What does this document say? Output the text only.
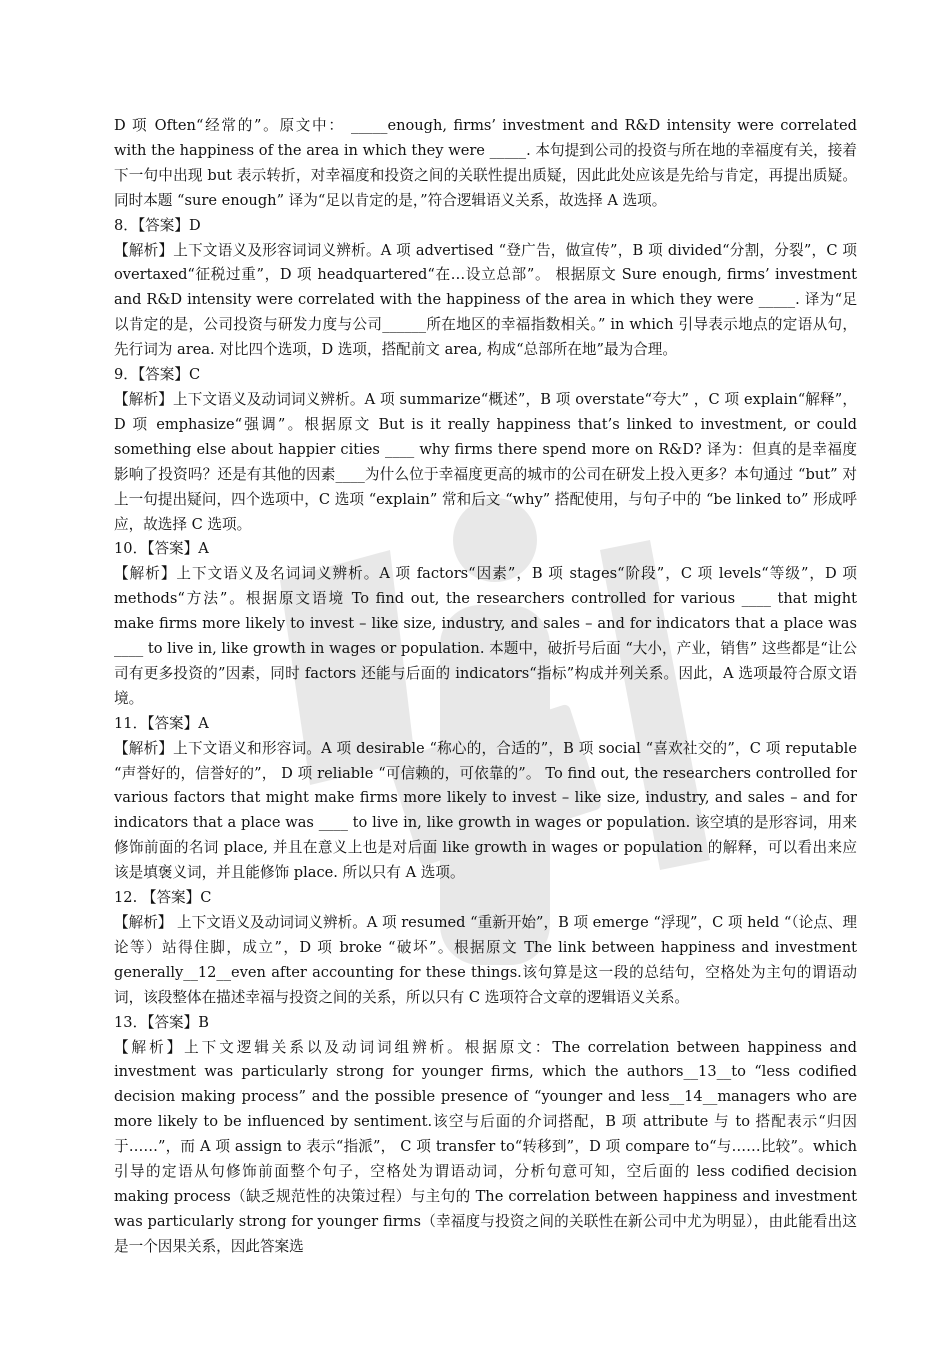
D 项 Often“经常的”。原文中： _____enough, firms’ investment and R&D intensity were correlated with the happiness of the area in which they were _____. 本句提到公司的投资与所在地的幸福度有关，接着下一句中出现 but 表示转折，对幸福度和投资之间的关联性提出质疑，因此此处应该是先给与肯定，再提出质疑。同时本题 “sure enough” 译为“足以肯定的是，”符合逻辑语义关系，故选择 A 选项。

8．【答案】D

【解析】上下文语义及形容词词义辨析。A 项 advertised “登广告，做宣传”，B 项 divided“分割，分裂”，C 项 overtaxed“征税过重”，D 项 headquartered“在…设立总部”。 根据原文 Sure enough, firms’ investment and R&D intensity were correlated with the happiness of the area in which they were _____. 译为“足以肯定的是，公司投资与研发力度与公司______所在地区的幸福指数相关。” in which 引导表示地点的定语从句，先行词为 area. 对比四个选项，D 选项，搭配前文 area, 构成“总部所在地”最为合理。

9．【答案】C

【解析】上下文语义及动词词义辨析。A 项 summarize“概述”，B 项 overstate“夸大” ，C 项 explain“解释”， D 项 emphasize“强调”。根据原文 But is it really happiness that’s linked to investment, or could something else about happier cities ____ why firms there spend more on R&D? 译为：但真的是幸福度影响了投资吗？还是有其他的因素____为什么位于幸福度更高的城市的公司在研发上投入更多？本句通过 “but” 对上一句提出疑问，四个选项中，C 选项 “explain” 常和后文 “why” 搭配使用，与句子中的 “be linked to” 形成呼应，故选择 C 选项。

10．【答案】A

【解析】上下文语义及名词词义辨析。A 项 factors“因素”，B 项 stages“阶段”，C 项 levels“等级”，D 项 methods“方法”。根据原文语境 To find out, the researchers controlled for various ____ that might make firms more likely to invest – like size, industry, and sales – and for indicators that a place was ____ to live in, like growth in wages or population. 本题中，破折号后面 “大小，产业，销售” 这些都是“让公司有更多投资的”因素，同时 factors 还能与后面的 indicators“指标”构成并列关系。因此，A 选项最符合原文语境。

11．【答案】A

【解析】上下文语义和形容词。A 项 desirable “称心的，合适的”，B 项 social “喜欢社交的”，C 项 reputable “声誉好的，信誉好的”， D 项 reliable “可信赖的，可依靠的”。 To find out, the researchers controlled for various factors that might make firms more likely to invest – like size, industry, and sales – and for indicators that a place was ____ to live in, like growth in wages or population. 该空填的是形容词，用来修饰前面的名词 place, 并且在意义上也是对后面 like growth in wages or population 的解释，可以看出来应该是填褒义词，并且能修饰 place. 所以只有 A 选项。

12. 【答案】C

【解析】 上下文语义及动词词义辨析。A 项 resumed “重新开始”，B 项 emerge “浮现”，C 项 held “（论点、理论等）站得住脚，成立”，D 项 broke “破坏”。根据原文 The link between happiness and investment generally__12__even after accounting for these things.该句算是这一段的总结句，空格处为主句的谓语动词，该段整体在描述幸福与投资之间的关系，所以只有 C 选项符合文章的逻辑语义关系。

13．【答案】B

【解析】上下文逻辑关系以及动词词组辨析。根据原文：The correlation between happiness and investment was particularly strong for younger firms, which the authors__13__to “less codified decision making process” and the possible presence of “younger and less__14__managers who are more likely to be influenced by sentiment.该空与后面的介词搭配，B 项 attribute 与 to 搭配表示“归因于……”，而 A 项 assign to 表示“指派”， C 项 transfer to“转移到”，D 项 compare to“与……比较”。which 引导的定语从句修饰前面整个句子，空格处为谓语动词，分析句意可知，空后面的 less codified decision making process（缺乏规范性的决策过程）与主句的 The correlation between happiness and investment was particularly strong for younger firms（幸福度与投资之间的关联性在新公司中尤为明显），由此能看出这是一个因果关系，因此答案选
